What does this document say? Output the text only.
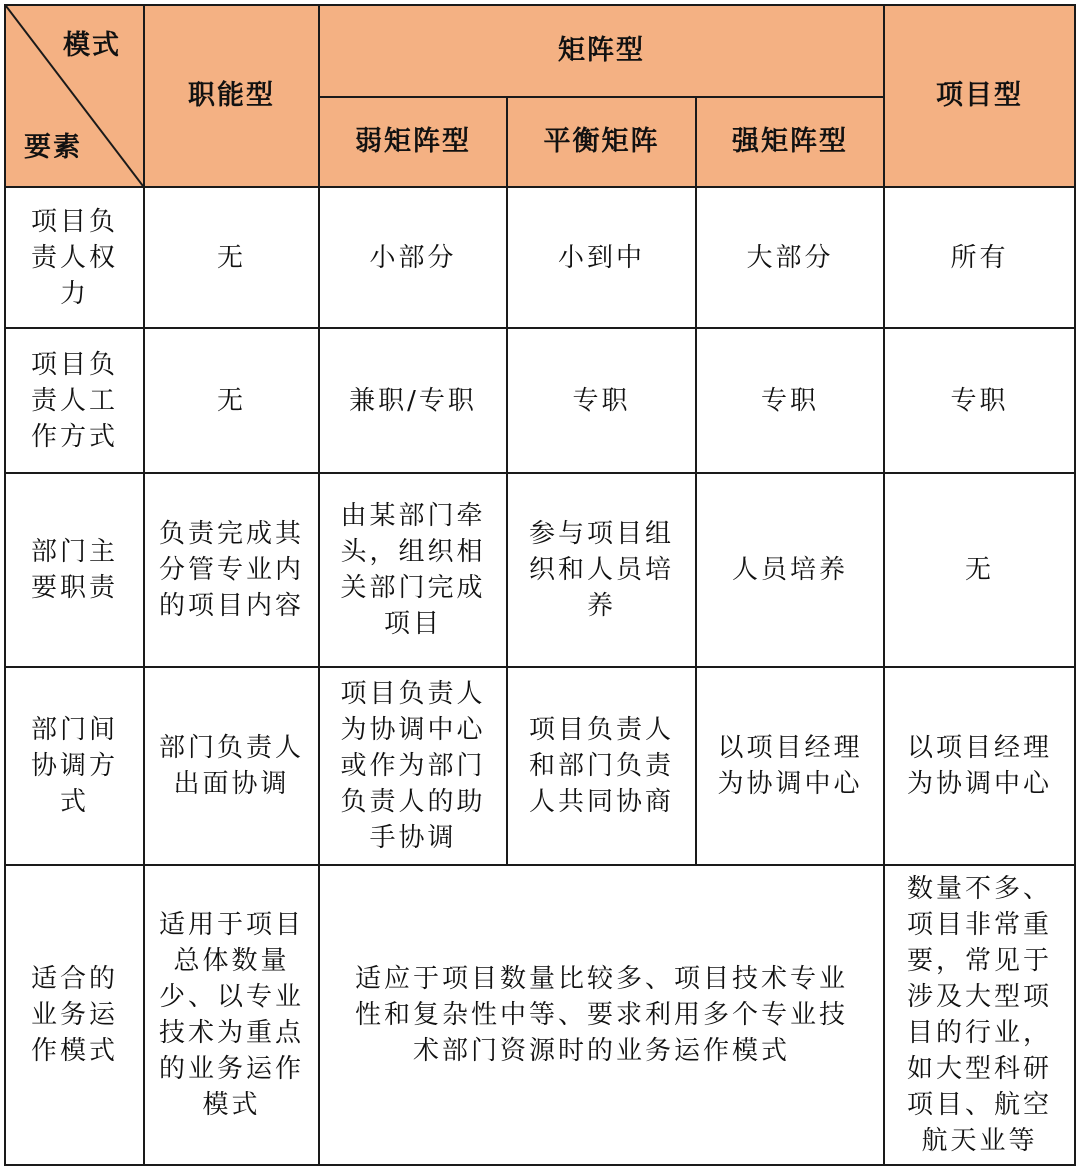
模式
要素	职能型	矩阵型			项目型
		弱矩阵型	平衡矩阵	强矩阵型	
项目负责人权力	无	小部分	小到中	大部分	所有
项目负责人工作方式	无	兼职/专职	专职	专职	专职
部门主要职责	负责完成其分管专业内的项目内容	由某部门牵头，组织相关部门完成项目	参与项目组织和人员培养	人员培养	无
部门间协调方式	部门负责人出面协调	项目负责人为协调中心或作为部门负责人的助手协调	项目负责人和部门负责人共同协商	以项目经理为协调中心	以项目经理为协调中心
适合的业务运作模式	适用于项目总体数量少、以专业技术为重点的业务运作模式	适应于项目数量比较多、项目技术专业性和复杂性中等、要求利用多个专业技术部门资源时的业务运作模式			数量不多、项目非常重要，常见于涉及大型项目的行业，如大型科研项目、航空航天业等
